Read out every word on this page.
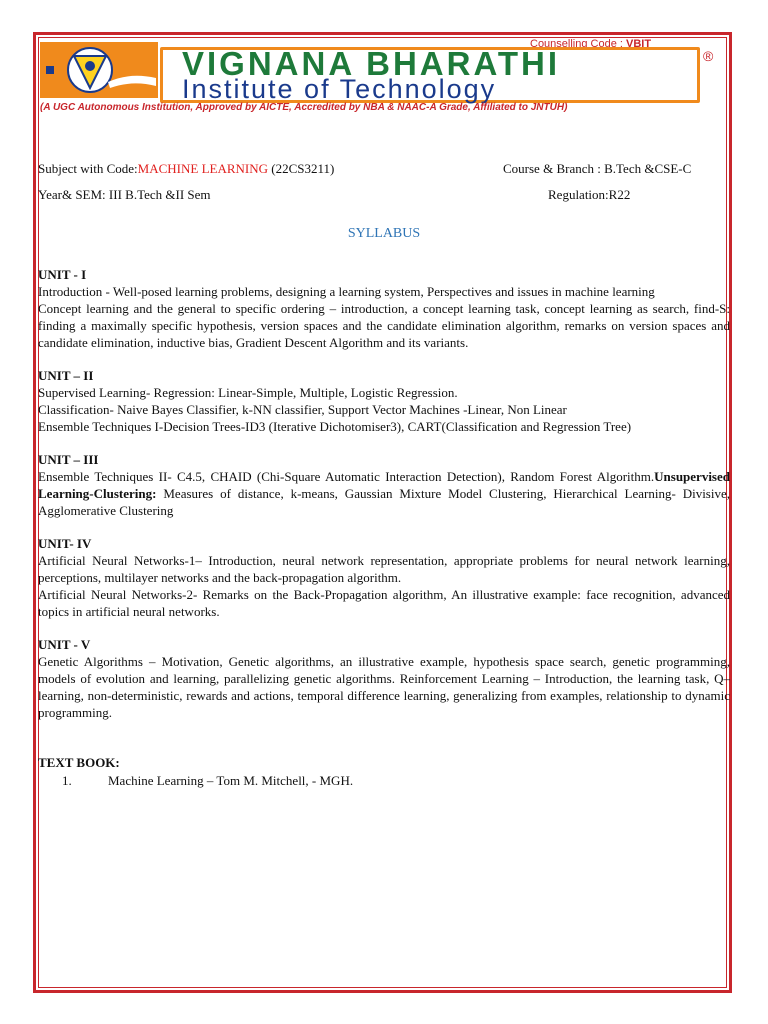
Counselling Code : VBIT
®
VIGNANA BHARATHI
Institute of Technology
(A UGC Autonomous Institution, Approved by AICTE, Accredited by NBA & NAAC-A Grade, Affiliated to JNTUH)
Subject with Code:MACHINE LEARNING (22CS3211)	Course & Branch : B.Tech &CSE-C
Year& SEM: III B.Tech &II Sem	Regulation:R22
SYLLABUS
UNIT - I

Introduction - Well-posed learning problems, designing a learning system, Perspectives and issues in machine learning

Concept learning and the general to specific ordering – introduction, a concept learning task, concept learning as search, find-S: finding a maximally specific hypothesis, version spaces and the candidate elimination algorithm, remarks on version spaces and candidate elimination, inductive bias, Gradient Descent Algorithm and its variants.

UNIT – II

Supervised Learning- Regression: Linear-Simple, Multiple, Logistic Regression.

Classification- Naive Bayes Classifier, k-NN classifier, Support Vector Machines -Linear, Non Linear

Ensemble Techniques I-Decision Trees-ID3 (Iterative Dichotomiser3), CART(Classification and Regression Tree)

UNIT – III

Ensemble Techniques II- C4.5, CHAID (Chi-Square Automatic Interaction Detection), Random Forest Algorithm.Unsupervised Learning-Clustering: Measures of distance, k-means, Gaussian Mixture Model Clustering, Hierarchical Learning- Divisive, Agglomerative Clustering

UNIT- IV

Artificial Neural Networks-1– Introduction, neural network representation, appropriate problems for neural network learning, perceptions, multilayer networks and the back-propagation algorithm.

Artificial Neural Networks-2- Remarks on the Back-Propagation algorithm, An illustrative example: face recognition, advanced topics in artificial neural networks.

UNIT - V

Genetic Algorithms – Motivation, Genetic algorithms, an illustrative example, hypothesis space search, genetic programming, models of evolution and learning, parallelizing genetic algorithms. Reinforcement Learning – Introduction, the learning task, Q–learning, non-deterministic, rewards and actions, temporal difference learning, generalizing from examples, relationship to dynamic programming.

TEXT BOOK:
1.	Machine Learning – Tom M. Mitchell, - MGH.
